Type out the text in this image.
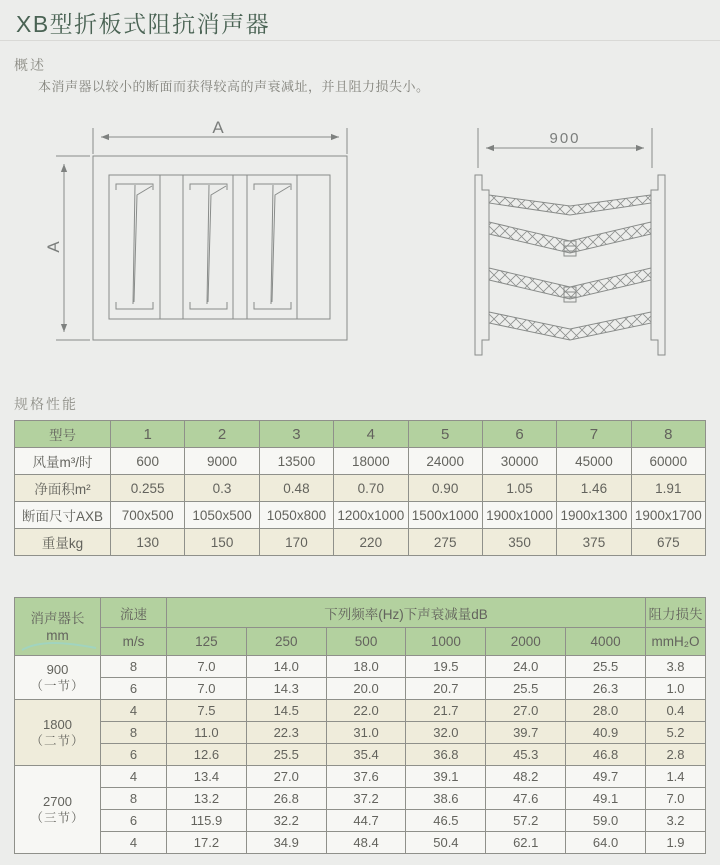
XB型折板式阻抗消声器
概述

本消声器以较小的断面而获得较高的声衰减址，并且阻力损失小。

A
A
900
规格性能
型号	1	2	3	4	5	6	7	8
风量m³/时	600	9000	13500	18000	24000	30000	45000	60000
净面积m²	0.255	0.3	0.48	0.70	0.90	1.05	1.46	1.91
断面尺寸AXB	700x500	1050x500	1050x800	1200x1000	1500x1000	1900x1000	1900x1300	1900x1700
重量kg	130	150	170	220	275	350	375	675
消声器长
mm	流速	下列频率(Hz)下声衰减量dB						阻力损失
	m/s	125	250	500	1000	2000	4000	mmH₂O

900
（一节）	8	7.0	14.0	18.0	19.5	24.0	25.5	3.8
	6	7.0	14.3	20.0	20.7	25.5	26.3	1.0

1800
（二节）	4	7.5	14.5	22.0	21.7	27.0	28.0	0.4
	8	11.0	22.3	31.0	32.0	39.7	40.9	5.2
	6	12.6	25.5	35.4	36.8	45.3	46.8	2.8

2700
（三节）	4	13.4	27.0	37.6	39.1	48.2	49.7	1.4
	8	13.2	26.8	37.2	38.6	47.6	49.1	7.0
	6	115.9	32.2	44.7	46.5	57.2	59.0	3.2
	4	17.2	34.9	48.4	50.4	62.1	64.0	1.9
